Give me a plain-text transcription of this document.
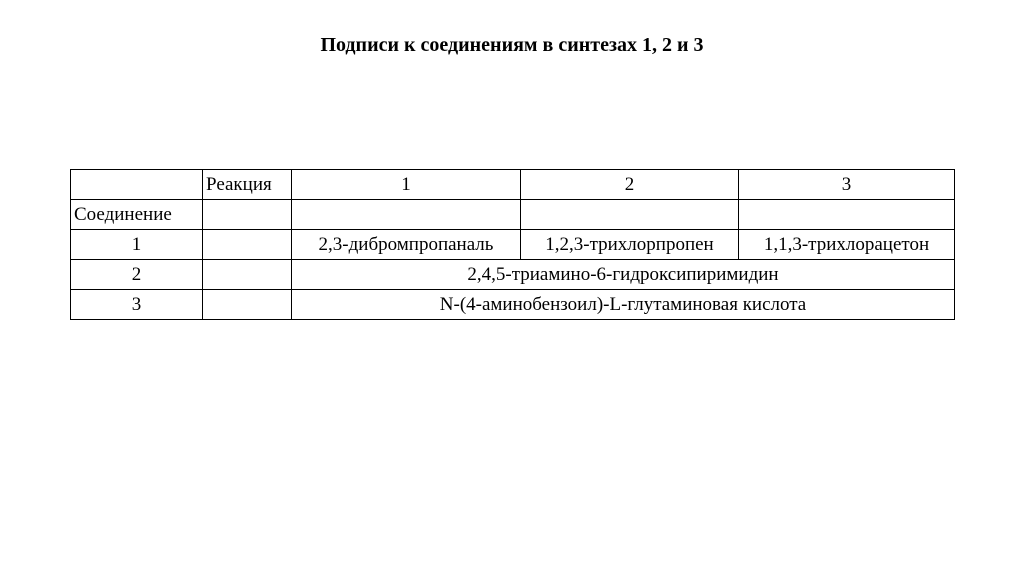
Подписи к соединениям в синтезах 1, 2 и 3
	Реакция	1	2	3
Соединение				
1		2,3-дибромпропаналь	1,2,3-трихлорпропен	1,1,3-трихлорацетон
2		2,4,5-триамино-6-гидроксипиримидин		
3		N-(4-аминобензоил)-L-глутаминовая кислота		
